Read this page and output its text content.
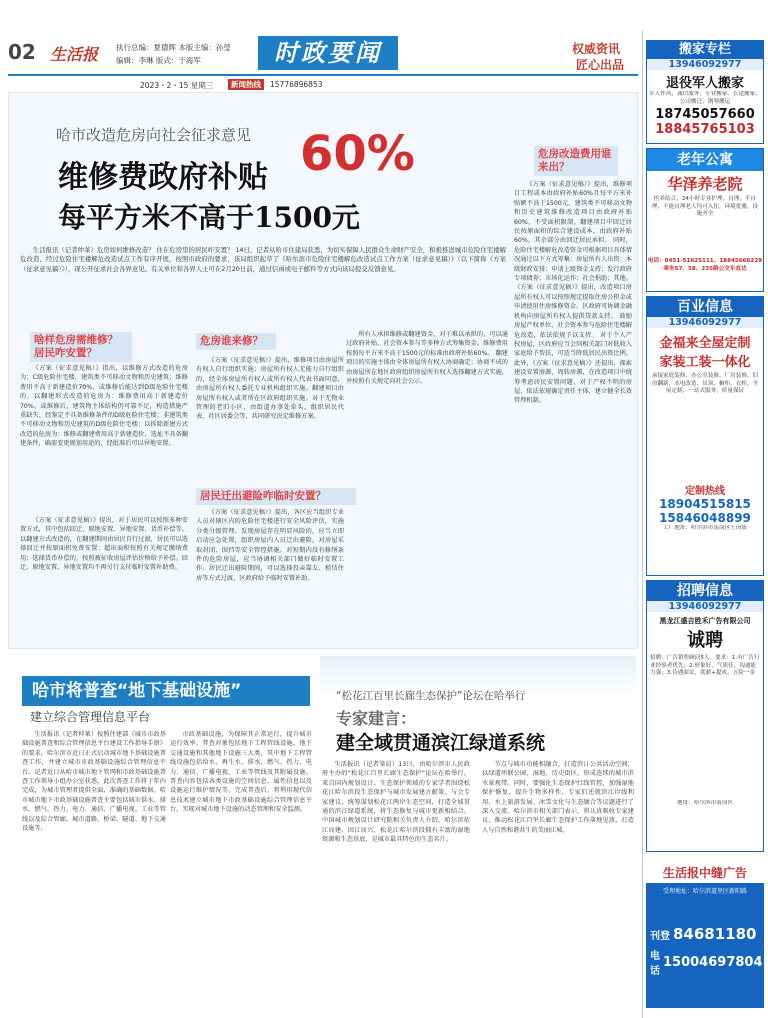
02 生活报 执行总编：夏德辉 本版主编：孙瑩
编辑：李琳 版式：于海军	时政要闻	权威资讯
匠心出品
2023・2・15 星期三	新闻热线	15776896853
哈市改造危房向社会征求意见 60%
维修费政府补贴
每平方米不高于1500元

生活报讯（记者仲莱）危房如何维修改造？ 住在危房里的居民咋安置？ 14日，记者从哈市住建局获悉，为切实保障人民群众生命财产安全，积极推进城市危险住宅楼解危改造，经过危险住宅楼解危改造试点工作有序开展，按照市政府的要求，该局组织起草了《哈尔滨市危险住宅楼解危改造试点工作方案（征求意见稿）》（以下简称《方案（征求意见稿）》），现公开征求社会各界意见。有关单位和各界人士可在2月20日前，通过信函或电子邮件等方式向该局提交反馈意见。

啥样危房需维修？居民咋安置？

《方案（征求意见稿）》指出，以维修方式改造的危房为：C级危险住宅楼，建筑类不可移动文物和历史建筑；维修费用不高于新建造价70%，或维修后能达到D级危险住宅楼的，以翻建形式改造的危房为：维修费用高于新建造价70%，或维修后，建筑物主体结构仍可靠不足，构造措施严重缺失，经鉴定不具备维修条件的D级危险住宅楼；非建筑类不可移动文物和历史建筑的D级危险住宅楼；以拆除新建方式改造的危房为：维修或翻建费用高于新建造价，选址不具备翻建条件，确需变更规划用途的，经批准后可以异地安置。

《方案（征求意见稿）》提出，对于居民可以按照多种安置方式，其中包括回迁、原地安置、异地安置、货币补偿等。以翻建方式改造的，在翻建期间由居民自行过渡，居民可以选择回迁并按原面积免费安置；超出面积按照有关规定缴纳费用；选择货币补偿的，按照被征收房屋评估价格给予补偿。回迁、原地安置、异地安置均不再另行支付临时安置补助费。

危房谁来修？

《方案（征求意见稿）》提出，维修项目由房屋所有权人自行组织实施；房屋所有权人无能力自行组织的，经全体房屋所有权人或所有权人代表书面同意，由房屋所有权人委托专业机构组织实施。翻建项目由房屋所有权人或者所在区政府组织实施。对于无物业管理的老旧小区，由街道办事处牵头，组织居民代表、社区居委会等，共同研究决定维修方案。

居民迁出避险咋临时安置？

《方案（征求意见稿）》提出，各区应当组织专业人员对辖区内的危险住宅楼进行安全风险评估，实施分类分级管理。发现房屋存在明显风险的，应当立即启动应急处置，组织房屋内人员迁出避险，对房屋采取封闭、围挡等安全管控措施。对短期内没有修缮条件的危险房屋，应当协调相关部门做好临时安置工作。居民迁出避险期间，可以选择投亲靠友、租赁住房等方式过渡，区政府给予临时安置补助。

所有人承担维修或翻建资金，对于难以承担的，可以通过政府补贴、社会资本参与等多种方式筹集资金。维修费用按照每平方米不高于1500元的标准由政府补贴60%。 翻建项目的实施主体由全体房屋所有权人协商确定；协商不成的由房屋所在地区政府组织房屋所有权人选择翻建方式实施，并按照有关规定向社会公示。

危房改造费用谁来出？

《方案（征求意见稿）》提出，维修项目工程或本由政府补贴60%且每平方米补贴额不高于1500元，建筑类不可移动文物和历史建筑维修改造项目由政府补贴60%，不受面积限制。翻建项目中回迁居民按原面积的综合建设成本，由政府补贴60%，其余部分由回迁居民承担。 同时，危险住宅楼解危改造资金可根据项目具体情况通过以下方式筹集：房屋所有人出资；本级财政安排；申请上级资金支持；发行政府专项债券；市场化运作；社会捐助；其他。 《方案（征求意见稿）》提出，改造项目房屋所有权人可以按照规定提取住房公积金或申请使用住房维修资金，区政府可协调金融机构向房屋所有权人提供贷款支持。 鼓励房屋产权单位、社会资本参与危险住宅楼解危改造，依法依规予以支持。 对于个人产权房屋，区政府应当会同相关部门对低收入家庭给予帮扶，可适当降低居民出资比例。 此外，《方案（征求意见稿）》还提出，探索建设安置房源、周转房源，在改造项目中统筹考虑居民安置问题，对于产权不明的房屋，依法依规确定责任主体，建立健全长效管理机制。

哈市将普查“地下基础设施”
建立综合管理信息平台

生活报讯（记者仲莱）按照住建部《城市市政基础设施普查和综合管理信息平台建设工作指导手册》的要求，哈尔滨市近日正式启动城市地下基础设施普查工作，并建立城市市政基础设施综合管理信息平台。记者近日从哈市城市地下管网和市政基础设施普查工作领导小组办公室获悉，此次普查工作将于年内完成，为城市管理者提供全面、准确的基础数据。哈市城市地下市政基础设施普查主要包括城市供水、排水、燃气、热力、电力、通信、广播电视、工业等管线以及综合管廊、城市道路、桥梁、隧道、地下交通设施等。

市政基础设施，为保障其正常运行，提升城市运行效率。普查对象包括地下工程管线设施、地下交通设施和其他地下设施三大类，其中地下工程管线设施包括给水、再生水、排水、燃气、热力、电力、通信、广播电视、工业等管线及其附属设施。普查内容包括各类设施的空间信息、属性信息以及设施运行维护情况等。完成普查后，将利用现代信息技术建立城市地下市政基础设施综合管理信息平台，实现对城市地下设施的动态管理和安全监测。

“松花江百里长廊生态保护”论坛在哈举行
专家建言：
建全域贯通滨江绿道系统

生活报讯（记者梁晨）13日，由哈尔滨市人民政府主办的“松花江百里长廊生态保护”论坛在哈举行。来自国内规划设计、生态保护领域的专家学者围绕松花江哈尔滨段生态保护与城市发展建言献策。与会专家建议，统筹谋划松花江两岸生态空间，打造全域贯通的滨江绿道系统，将生态修复与城市更新相结合。中国城市规划设计研究院相关负责人介绍，哈尔滨依江而建、因江而兴，松花江哈尔滨段拥有丰富的湿地资源和生态基底，是城市最具特色的生态名片。

节点与城市功能相融合，打造滨江公共活动空间，以绿道串联公园、湿地、历史街区，形成连续的城市滨水景观带。同时，要强化生态保护红线管控，加强湿地保护修复，提升生物多样性。专家们还就滨江岸线利用、水上旅游发展、冰雪文化与生态融合等议题进行了深入交流。哈尔滨市相关部门表示，将认真吸收专家建议，推动松花江百里长廊生态保护工作落地见效，打造人与自然和谐共生的美丽江城。

搬家专栏
13946092977
退役军人搬家
军人作风，诚信服务，专业搬家、长途搬家、公司搬迁、钢琴搬运
18745057660
18845765103
老年公寓
华泽养老院
医养结合，24小时专业护理，自理、半自理、不能自理老人均可入住，环境优雅，设施齐全
电话：0451-51625111、18845666229
乘坐57、58、235路公交车直达
百业信息
13946092977
金福来全屋定制
家装工装一体化
承接家庭装修、办公室装修、厂房装修、旧房翻新，水电改造、吊顶、橱柜、衣柜、全屋定制，一站式服务，质量保证
定制热线
18904515815
15846048899
工厂地址：哈尔滨市南岗区王岗镇
招聘信息
13946092977
黑龙江盛吉胜禾广告有限公司
诚聘
招聘：广告销售顾问5人。要求：1.有广告行业经验者优先；2.形象好，气质佳，沟通能力强；3.待遇面议，底薪+提成，五险一金
地址：哈尔滨市南岗区
生活报中缝广告
受理地址：哈尔滨道里区新阳路
刊登 84681180
电话
15004697804
